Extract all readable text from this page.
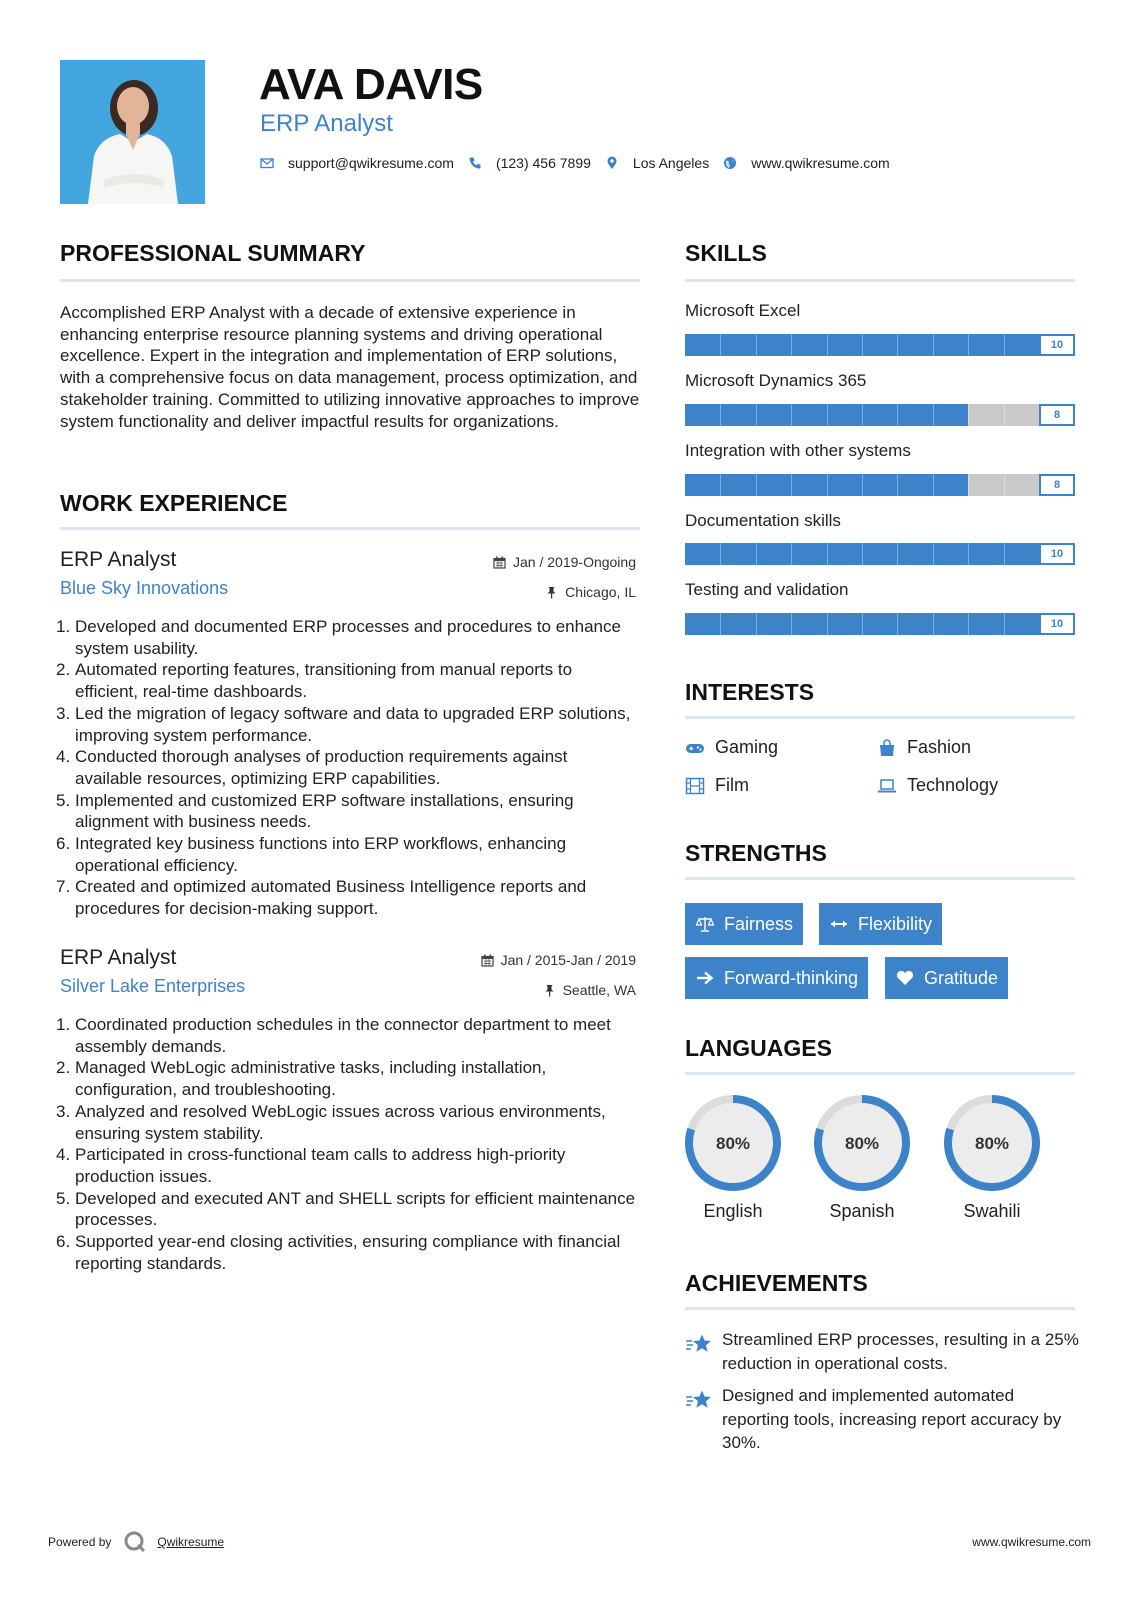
AVA DAVIS
ERP Analyst
support@qwikresume.com	(123) 456 7899	Los Angeles	www.qwikresume.com
PROFESSIONAL SUMMARY
Accomplished ERP Analyst with a decade of extensive experience in enhancing enterprise resource planning systems and driving operational excellence. Expert in the integration and implementation of ERP solutions, with a comprehensive focus on data management, process optimization, and stakeholder training. Committed to utilizing innovative approaches to improve system functionality and deliver impactful results for organizations.
WORK EXPERIENCE
ERP Analyst	Jan / 2019-Ongoing
Blue Sky Innovations	Chicago, IL
1. Developed and documented ERP processes and procedures to enhance system usability.
2. Automated reporting features, transitioning from manual reports to efficient, real-time dashboards.
3. Led the migration of legacy software and data to upgraded ERP solutions, improving system performance.
4. Conducted thorough analyses of production requirements against available resources, optimizing ERP capabilities.
5. Implemented and customized ERP software installations, ensuring alignment with business needs.
6. Integrated key business functions into ERP workflows, enhancing operational efficiency.
7. Created and optimized automated Business Intelligence reports and procedures for decision-making support.
ERP Analyst	Jan / 2015-Jan / 2019
Silver Lake Enterprises	Seattle, WA
1. Coordinated production schedules in the connector department to meet assembly demands.
2. Managed WebLogic administrative tasks, including installation, configuration, and troubleshooting.
3. Analyzed and resolved WebLogic issues across various environments, ensuring system stability.
4. Participated in cross-functional team calls to address high-priority production issues.
5. Developed and executed ANT and SHELL scripts for efficient maintenance processes.
6. Supported year-end closing activities, ensuring compliance with financial reporting standards.
SKILLS
Microsoft Excel
10
Microsoft Dynamics 365
8
Integration with other systems
8
Documentation skills
10
Testing and validation
10
INTERESTS
Gaming	Fashion
Film	Technology
STRENGTHS
Fairness	Flexibility
Forward-thinking	Gratitude
LANGUAGES
80%
English
80%
Spanish
80%
Swahili
ACHIEVEMENTS
Streamlined ERP processes, resulting in a 25% reduction in operational costs.
Designed and implemented automated reporting tools, increasing report accuracy by 30%.
Powered by	Qwikresume	www.qwikresume.com
